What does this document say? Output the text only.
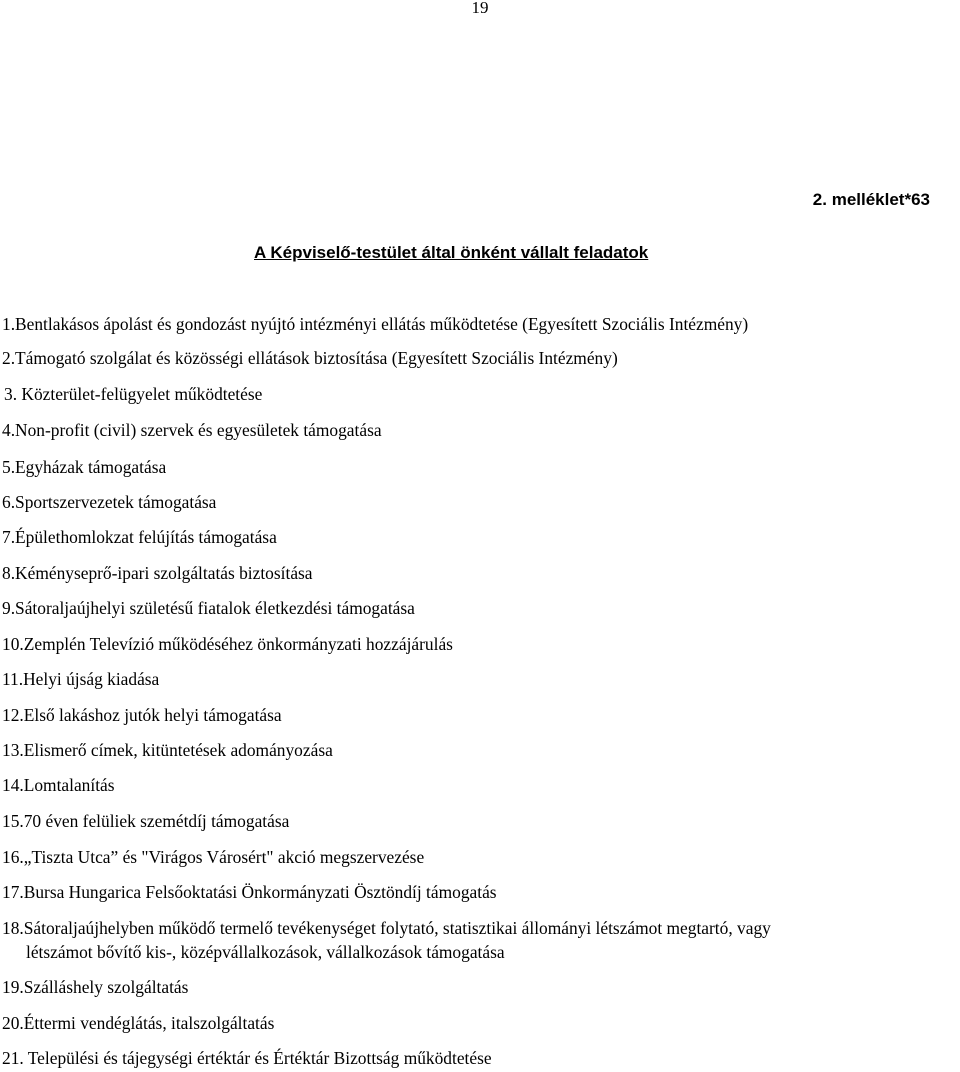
19
2. melléklet*63
A Képviselő-testület által önként vállalt feladatok
1.Bentlakásos ápolást és gondozást nyújtó intézményi ellátás működtetése (Egyesített Szociális Intézmény)
2.Támogató szolgálat és közösségi ellátások biztosítása (Egyesített Szociális Intézmény)
3. Közterület-felügyelet működtetése
4.Non-profit (civil) szervek és egyesületek támogatása
5.Egyházak támogatása
6.Sportszervezetek támogatása
7.Épülethomlokzat felújítás támogatása
8.Kéményseprő-ipari szolgáltatás biztosítása
9.Sátoraljaújhelyi születésű fiatalok életkezdési támogatása
10.Zemplén Televízió működéséhez önkormányzati hozzájárulás
11.Helyi újság kiadása
12.Első lakáshoz jutók helyi támogatása
13.Elismerő címek, kitüntetések adományozása
14.Lomtalanítás
15.70 éven felüliek szemétdíj támogatása
16.„Tiszta Utca” és "Virágos Városért" akció megszervezése
17.Bursa Hungarica Felsőoktatási Önkormányzati Ösztöndíj támogatás
18.Sátoraljaújhelyben működő termelő tevékenységet folytató, statisztikai állományi létszámot megtartó, vagy
létszámot bővítő kis-, középvállalkozások, vállalkozások támogatása
19.Szálláshely szolgáltatás
20.Éttermi vendéglátás, italszolgáltatás
21. Települési és tájegységi értéktár és Értéktár Bizottság működtetése
